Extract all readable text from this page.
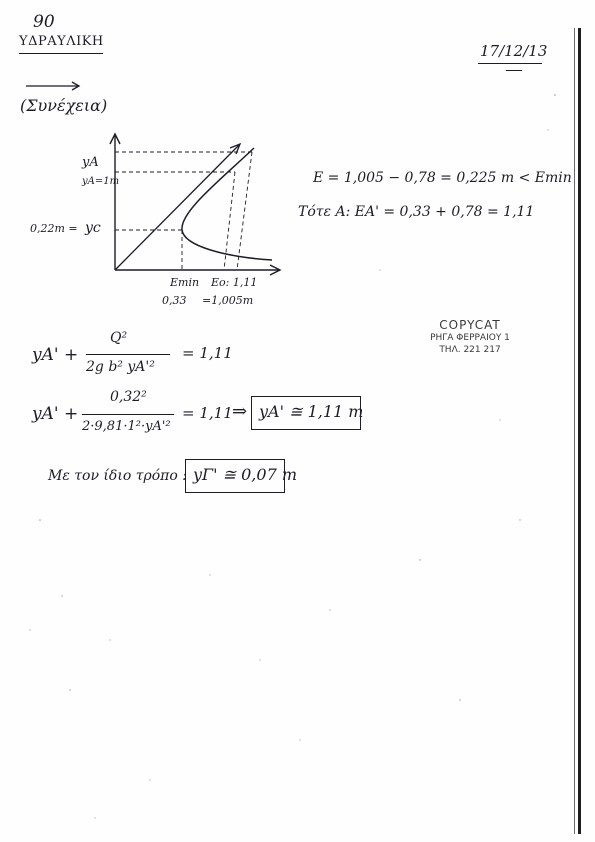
90
ΥΔΡΑΥΛΙΚΗ
17/12/13
(Συνέχεια)
yA
yA=1m
0,22m = yc
Emin
0,33
Eo: 1,11
=1,005m
E = 1,005 − 0,78 = 0,225 m < Emin
Τότε A: EA' = 0,33 + 0,78 = 1,11
COPYCAT
ΡΗΓΑ ΦΕΡΡΑΙΟΥ 1
ΤΗΛ. 221 217
yA' +
Q²
2g b² yA'²
= 1,11
yA' +
0,32²
2·9,81·1²·yA'²
= 1,11 ⇒ yA' ≅ 1,11 m
Με τον ίδιο τρόπο : yΓ' ≅ 0,07 m
